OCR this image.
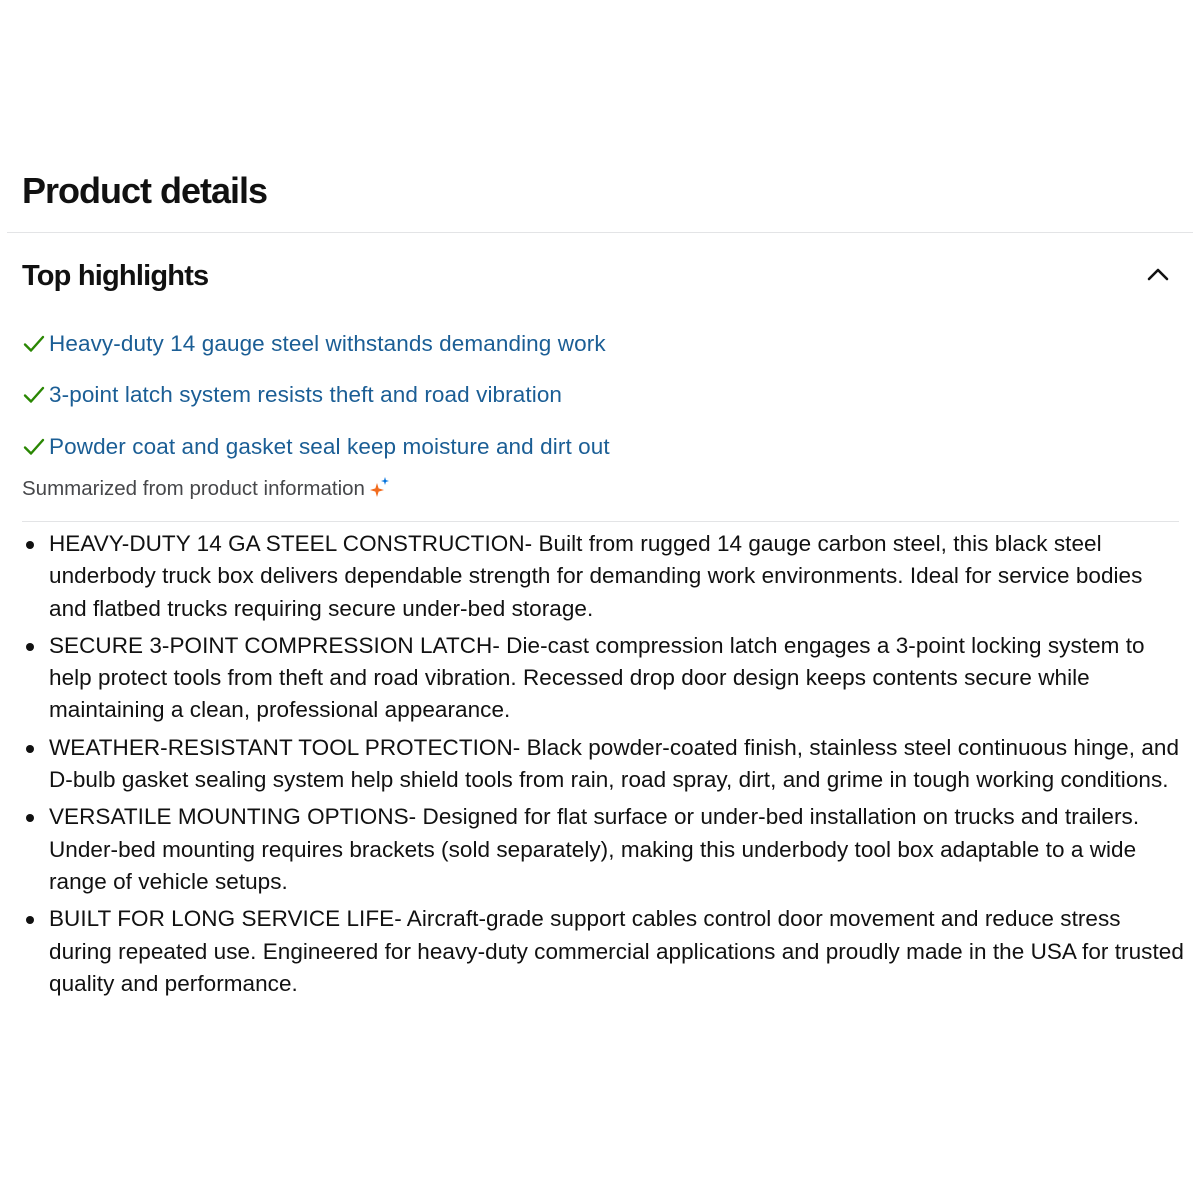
Product details
Top highlights
Heavy-duty 14 gauge steel withstands demanding work
3-point latch system resists theft and road vibration
Powder coat and gasket seal keep moisture and dirt out
Summarized from product information
HEAVY-DUTY 14 GA STEEL CONSTRUCTION- Built from rugged 14 gauge carbon steel, this black steel underbody truck box delivers dependable strength for demanding work environments. Ideal for service bodies and flatbed trucks requiring secure under-bed storage.
SECURE 3-POINT COMPRESSION LATCH- Die-cast compression latch engages a 3-point locking system to help protect tools from theft and road vibration. Recessed drop door design keeps contents secure while maintaining a clean, professional appearance.
WEATHER-RESISTANT TOOL PROTECTION- Black powder-coated finish, stainless steel continuous hinge, and D-bulb gasket sealing system help shield tools from rain, road spray, dirt, and grime in tough working conditions.
VERSATILE MOUNTING OPTIONS- Designed for flat surface or under-bed installation on trucks and trailers. Under-bed mounting requires brackets (sold separately), making this underbody tool box adaptable to a wide range of vehicle setups.
BUILT FOR LONG SERVICE LIFE- Aircraft-grade support cables control door movement and reduce stress during repeated use. Engineered for heavy-duty commercial applications and proudly made in the USA for trusted quality and performance.
